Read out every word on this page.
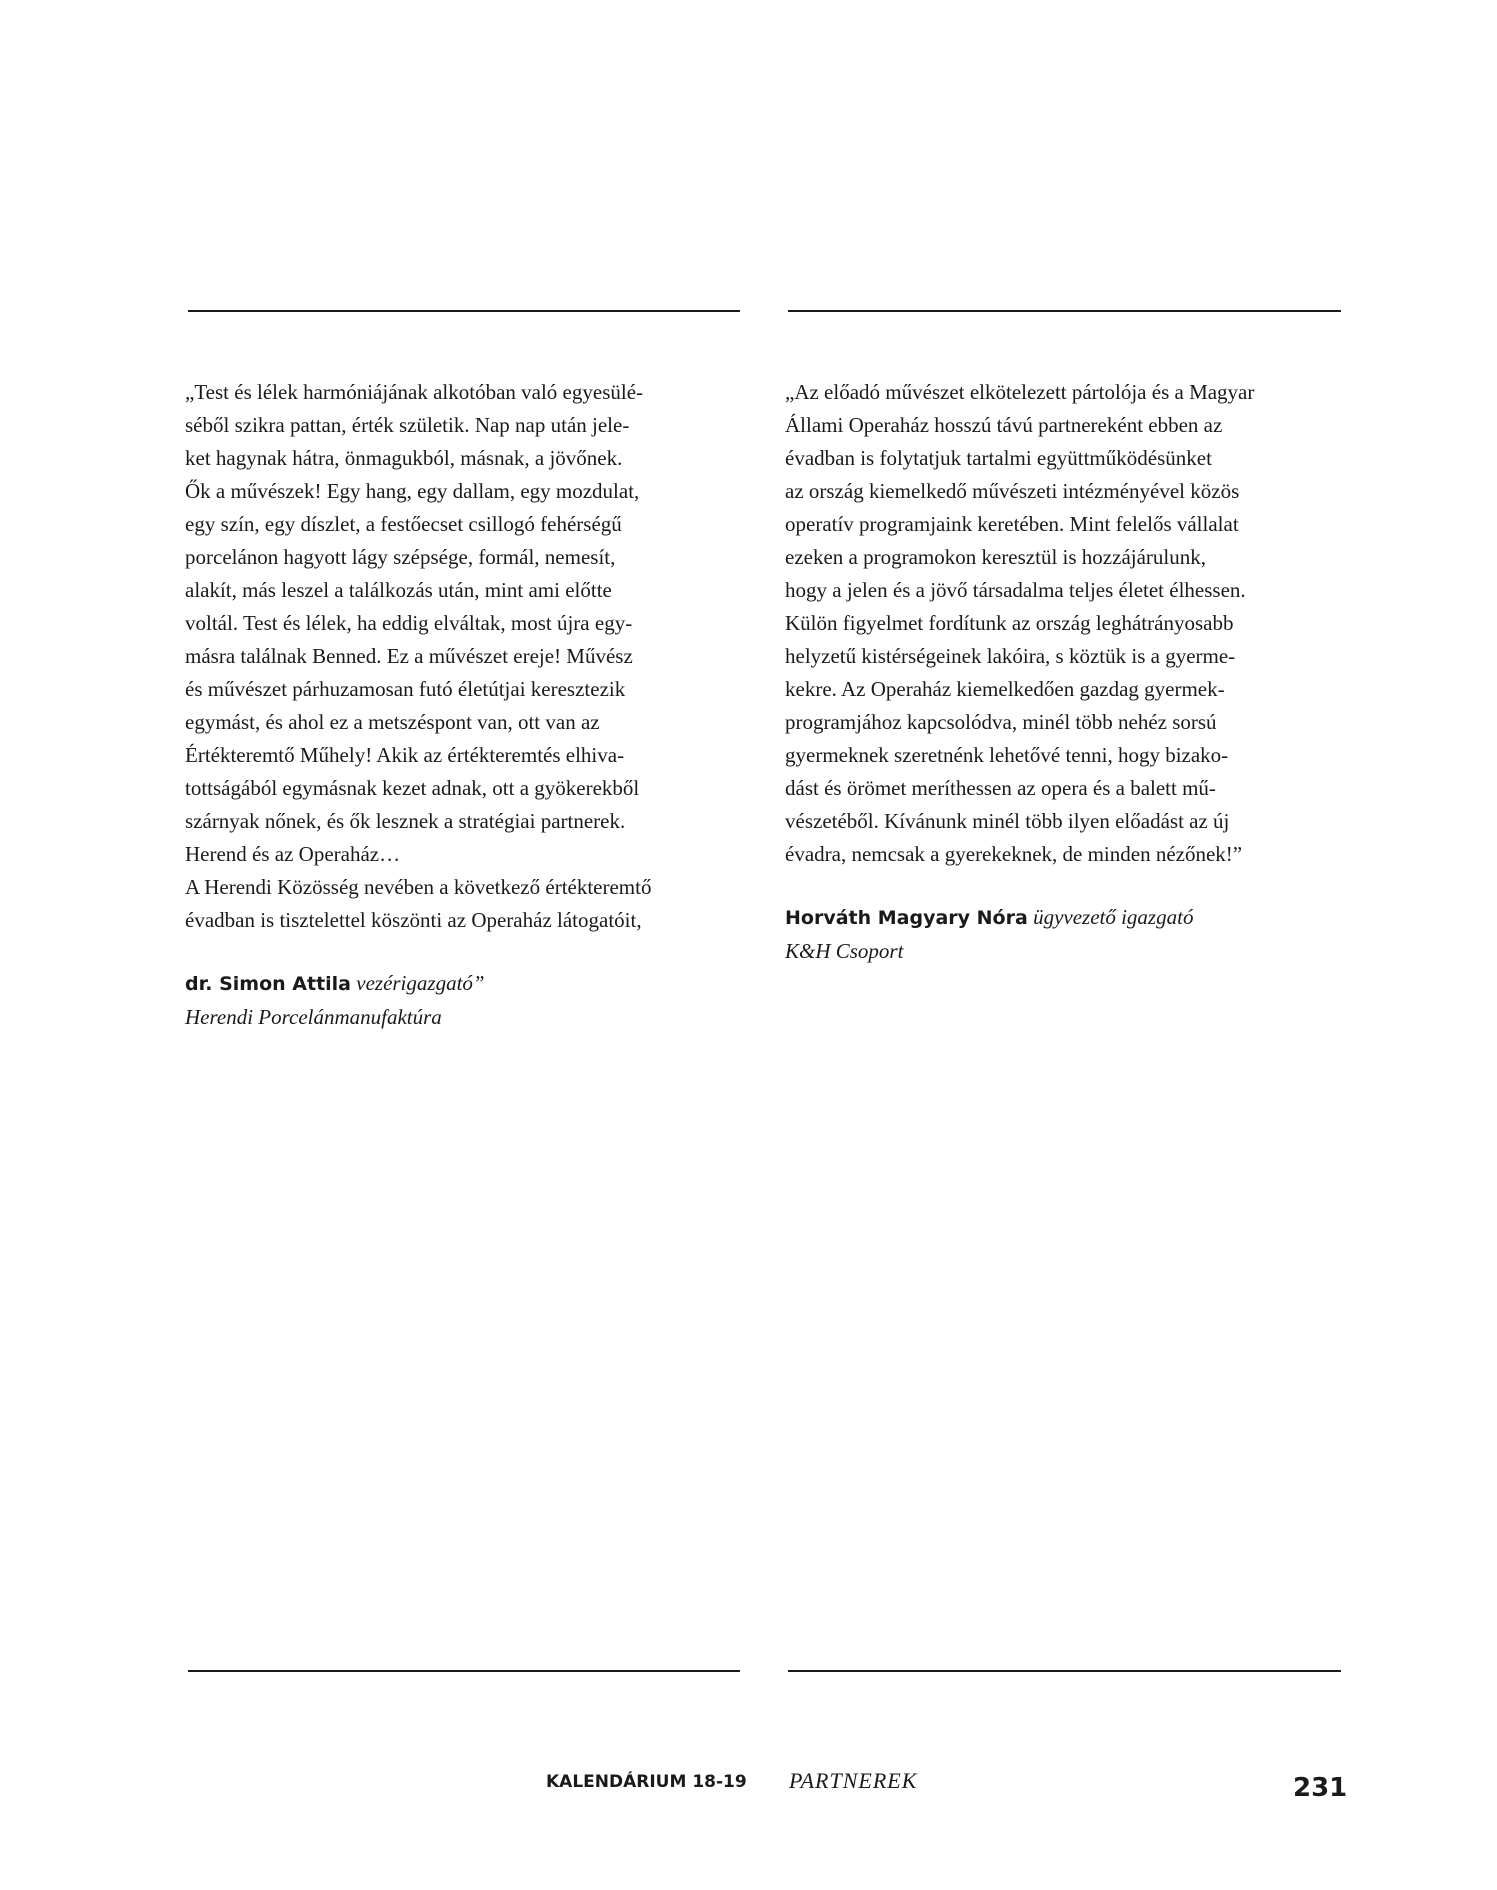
„Test és lélek harmóniájának alkotóban való egyesülé-
séből szikra pattan, érték születik. Nap nap után jele-
ket hagynak hátra, önmagukból, másnak, a jövőnek.
Ők a művészek! Egy hang, egy dallam, egy mozdulat,
egy szín, egy díszlet, a festőecset csillogó fehérségű
porcelánon hagyott lágy szépsége, formál, nemesít,
alakít, más leszel a találkozás után, mint ami előtte
voltál. Test és lélek, ha eddig elváltak, most újra egy-
másra találnak Benned. Ez a művészet ereje! Művész
és művészet párhuzamosan futó életútjai keresztezik
egymást, és ahol ez a metszéspont van, ott van az
Értékteremtő Műhely! Akik az értékteremtés elhiva-
tottságából egymásnak kezet adnak, ott a gyökerekből
szárnyak nőnek, és ők lesznek a stratégiai partnerek.
Herend és az Operaház…
A Herendi Közösség nevében a következő értékteremtő
évadban is tisztelettel köszönti az Operaház látogatóit,
dr. Simon Attila vezérigazgató”
Herendi Porcelánmanufaktúra
„Az előadó művészet elkötelezett pártolója és a Magyar
Állami Operaház hosszú távú partnereként ebben az
évadban is folytatjuk tartalmi együttműködésünket
az ország kiemelkedő művészeti intézményével közös
operatív programjaink keretében. Mint felelős vállalat
ezeken a programokon keresztül is hozzájárulunk,
hogy a jelen és a jövő társadalma teljes életet élhessen.
Külön figyelmet fordítunk az ország leghátrányosabb
helyzetű kistérségeinek lakóira, s köztük is a gyerme-
kekre. Az Operaház kiemelkedően gazdag gyermek-
programjához kapcsolódva, minél több nehéz sorsú
gyermeknek szeretnénk lehetővé tenni, hogy bizako-
dást és örömet meríthessen az opera és a balett mű-
vészetéből. Kívánunk minél több ilyen előadást az új
évadra, nemcsak a gyerekeknek, de minden nézőnek!”
Horváth Magyary Nóra ügyvezető igazgató
K&H Csoport
KALENDÁRIUM 18-19 PARTNEREK	231
